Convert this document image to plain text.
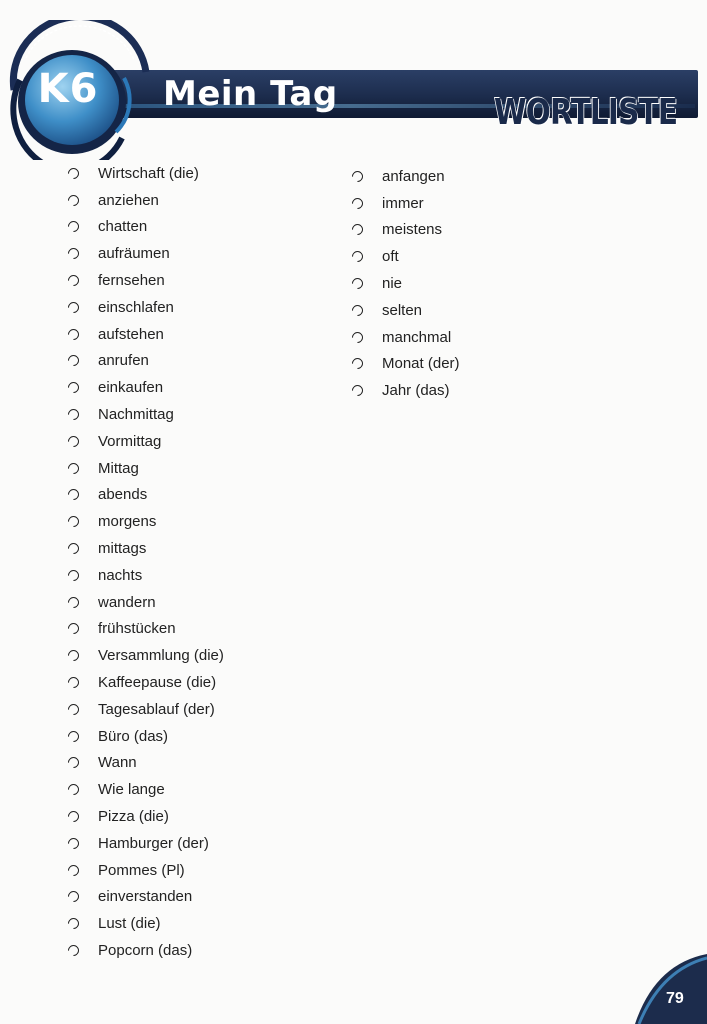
K6 Mein Tag	WORTLISTE
Wirtschaft (die)
anziehen
chatten
aufräumen
fernsehen
einschlafen
aufstehen
anrufen
einkaufen
Nachmittag
Vormittag
Mittag
abends
morgens
mittags
nachts
wandern
frühstücken
Versammlung (die)
Kaffeepause (die)
Tagesablauf (der)
Büro (das)
Wann
Wie lange
Pizza (die)
Hamburger (der)
Pommes (Pl)
einverstanden
Lust (die)
Popcorn (das)
anfangen
immer
meistens
oft
nie
selten
manchmal
Monat (der)
Jahr (das)
79
